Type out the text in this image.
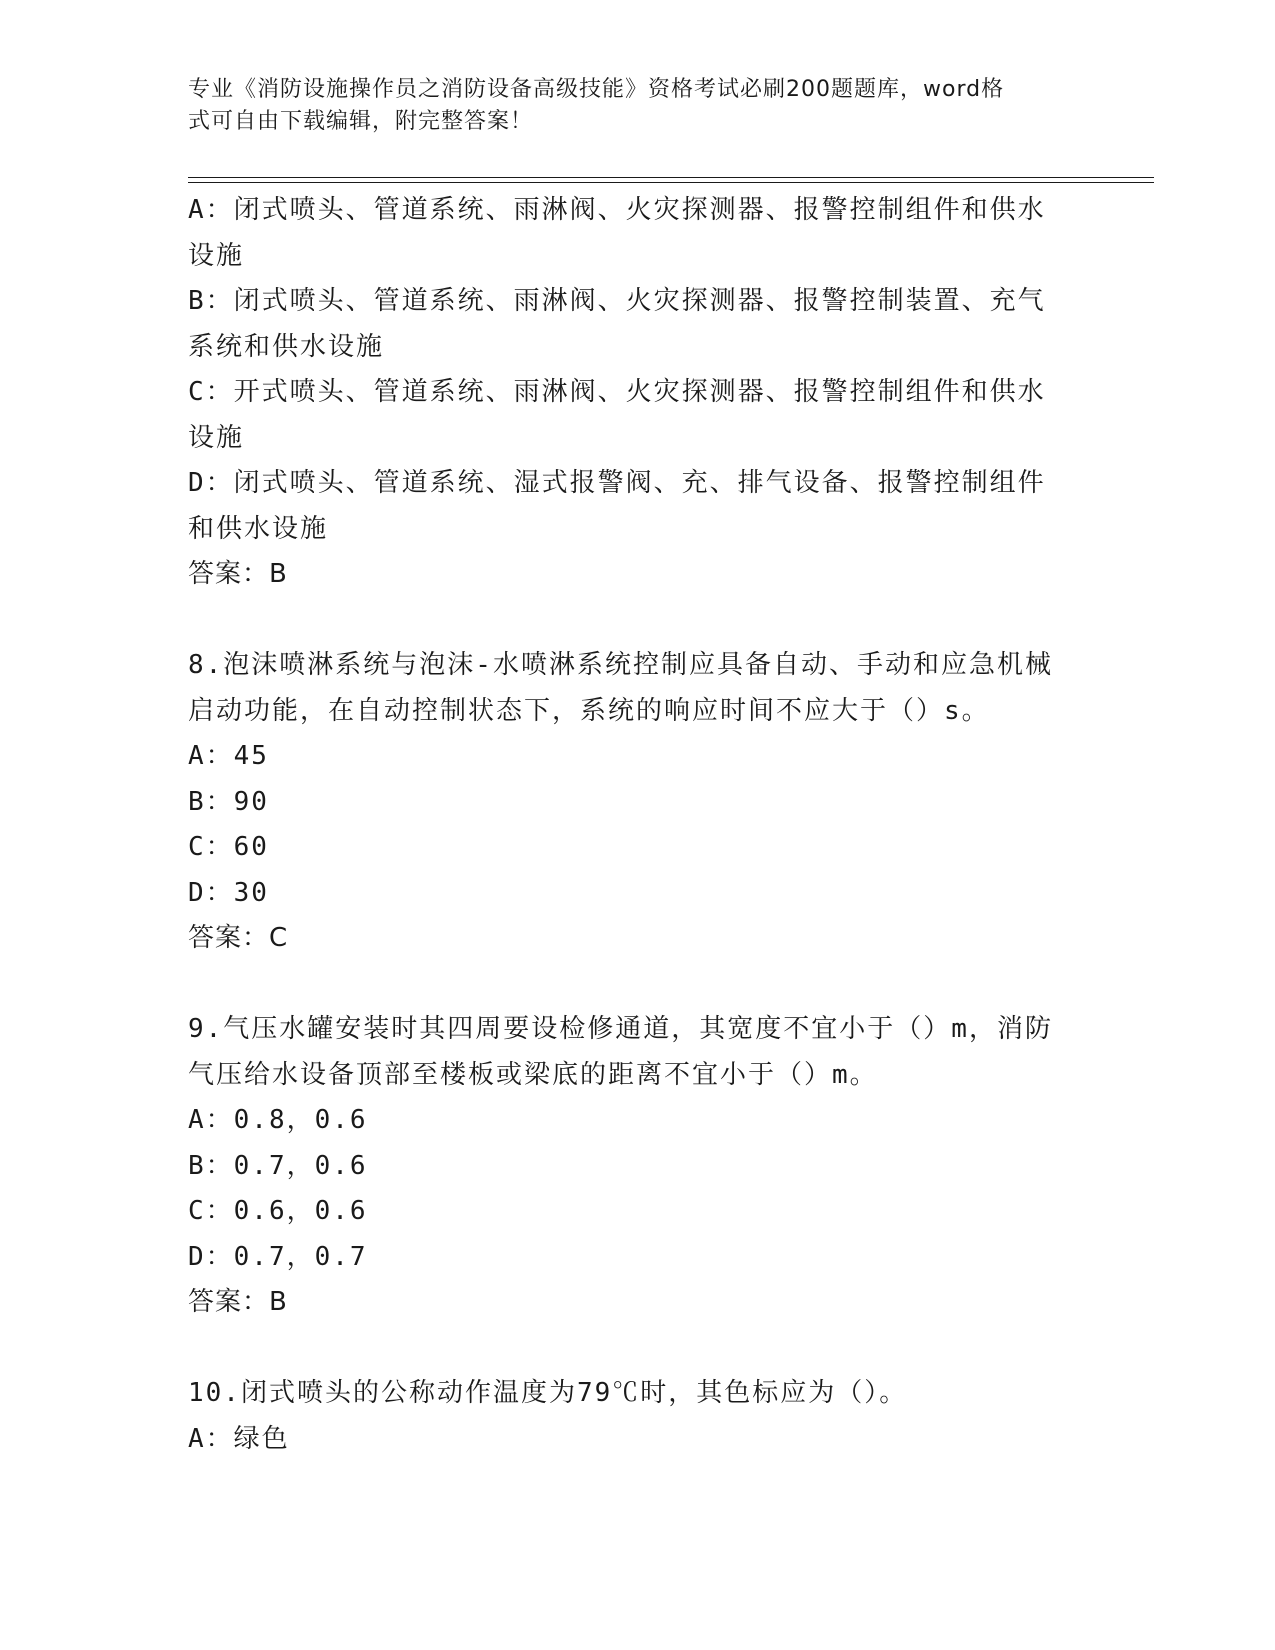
专业《消防设施操作员之消防设备高级技能》资格考试必刷200题题库，word格
式可自由下载编辑，附完整答案！
A：闭式喷头、管道系统、雨淋阀、火灾探测器、报警控制组件和供水
设施
B：闭式喷头、管道系统、雨淋阀、火灾探测器、报警控制装置、充气
系统和供水设施
C：开式喷头、管道系统、雨淋阀、火灾探测器、报警控制组件和供水
设施
D：闭式喷头、管道系统、湿式报警阀、充、排气设备、报警控制组件
和供水设施
答案：B
8.泡沫喷淋系统与泡沫-水喷淋系统控制应具备自动、手动和应急机械
启动功能，在自动控制状态下，系统的响应时间不应大于（）s。
A：45
B：90
C：60
D：30
答案：C
9.气压水罐安装时其四周要设检修通道，其宽度不宜小于（）m，消防
气压给水设备顶部至楼板或梁底的距离不宜小于（）m。
A：0.8，0.6
B：0.7，0.6
C：0.6，0.6
D：0.7，0.7
答案：B
10.闭式喷头的公称动作温度为79℃时，其色标应为（）。
A：绿色
